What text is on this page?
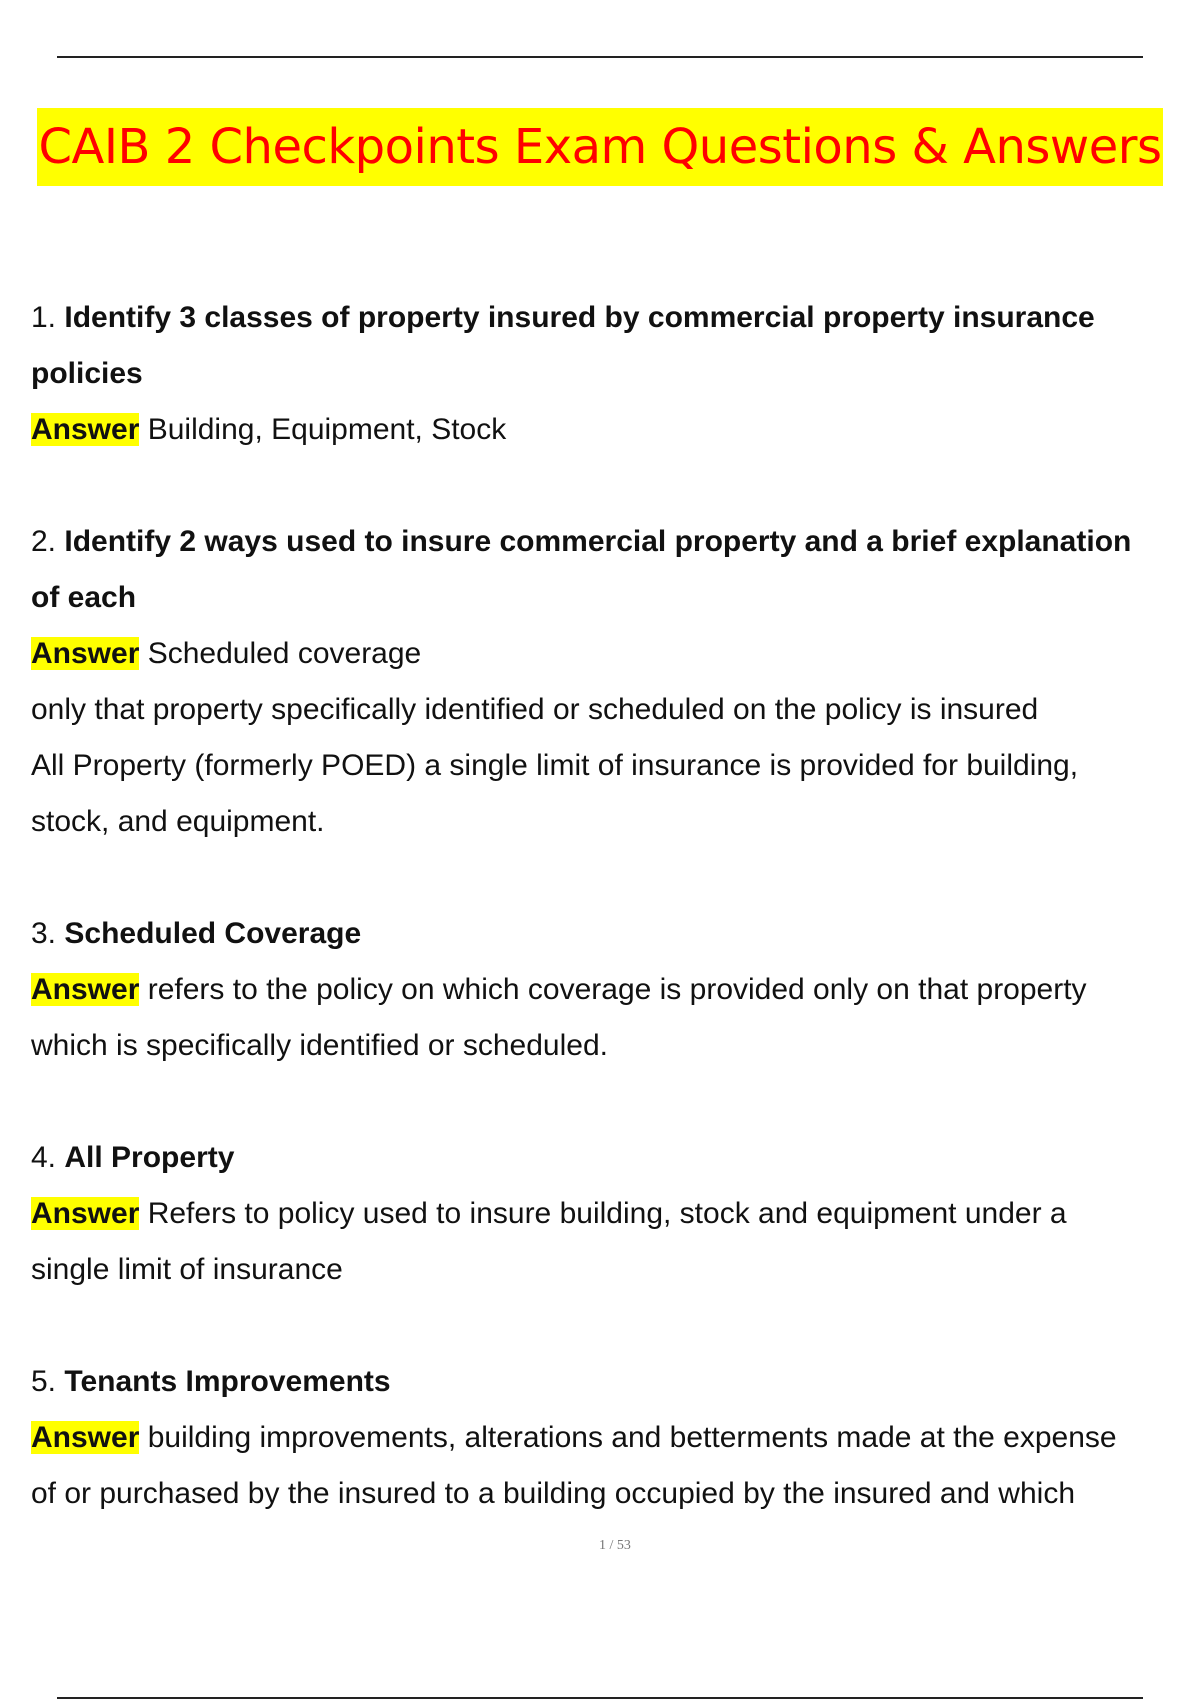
CAIB 2 Checkpoints Exam Questions & Answers
1. Identify 3 classes of property insured by commercial property insurance
policies
Answer Building, Equipment, Stock
2. Identify 2 ways used to insure commercial property and a brief explanation
of each
Answer Scheduled coverage
only that property specifically identified or scheduled on the policy is insured
All Property (formerly POED) a single limit of insurance is provided for building,
stock, and equipment.
3. Scheduled Coverage
Answer refers to the policy on which coverage is provided only on that property
which is specifically identified or scheduled.
4. All Property
Answer Refers to policy used to insure building, stock and equipment under a
single limit of insurance
5. Tenants Improvements
Answer building improvements, alterations and betterments made at the expense
of or purchased by the insured to a building occupied by the insured and which
1 / 53
